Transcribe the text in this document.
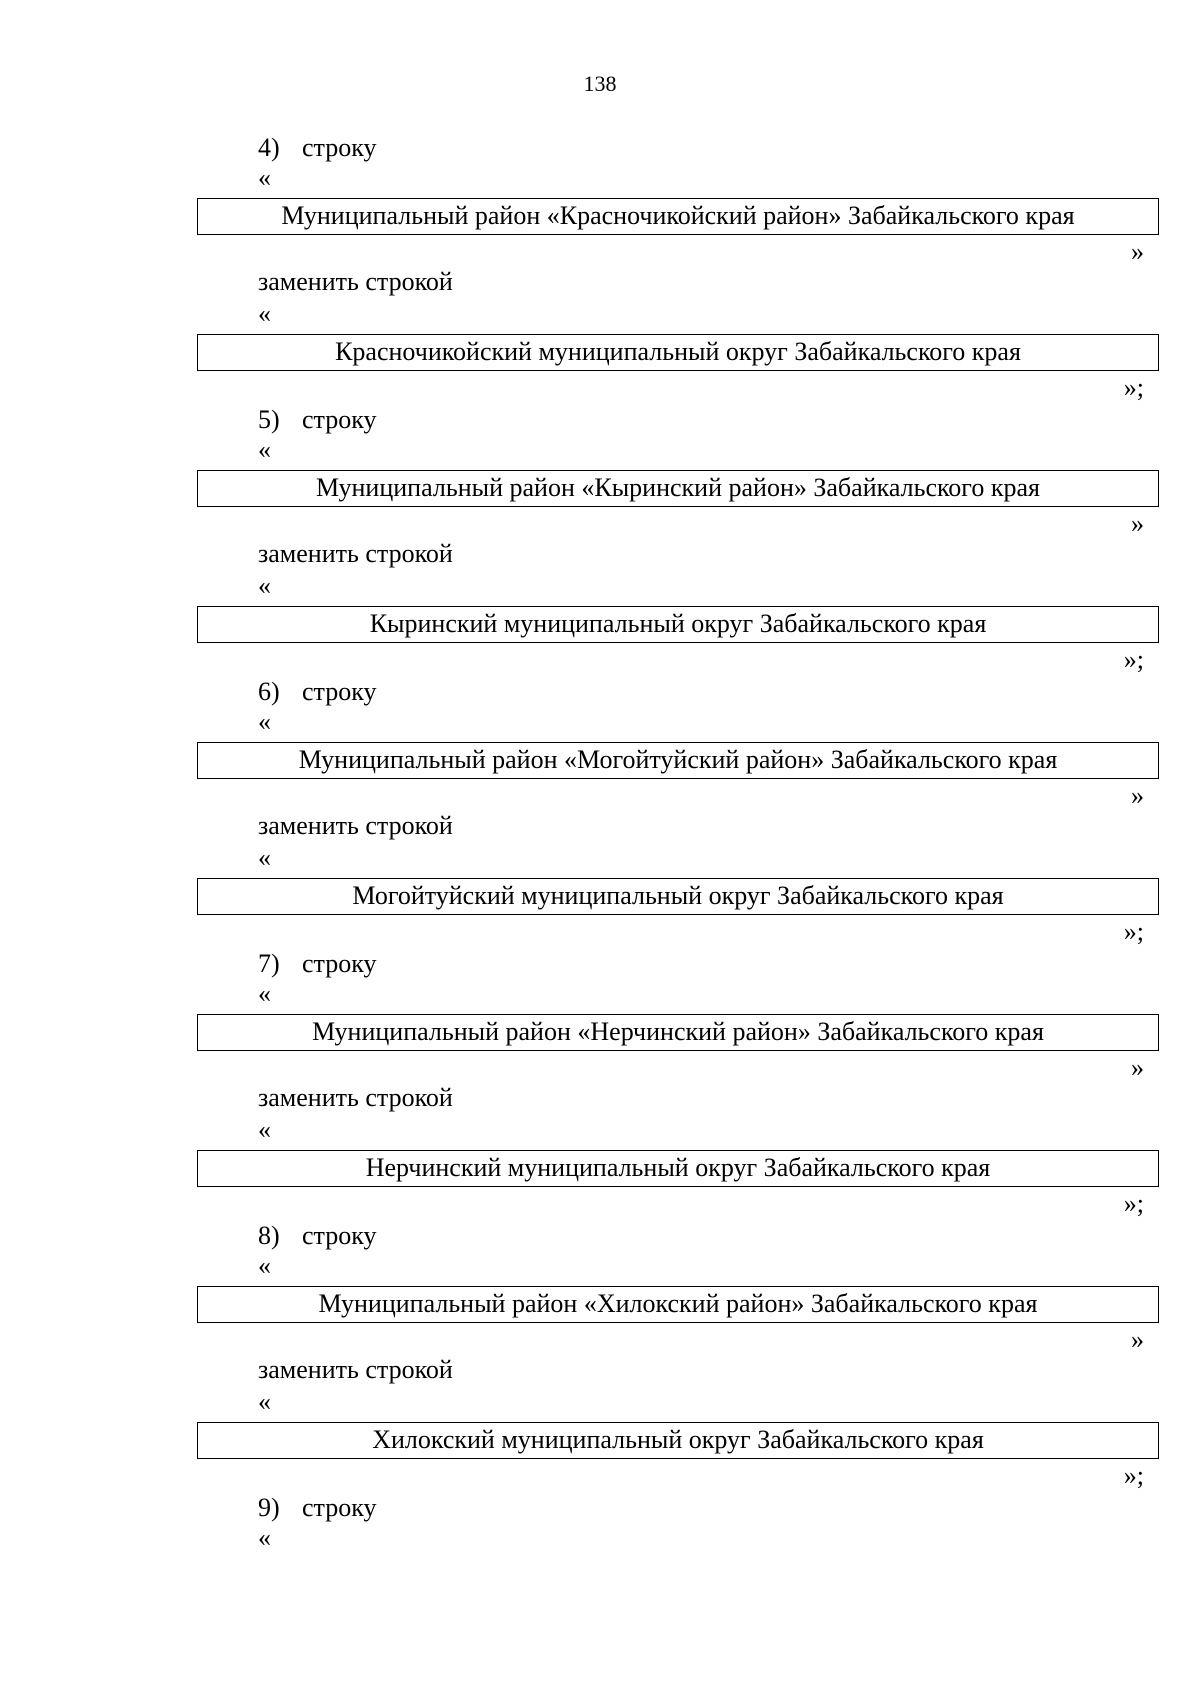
138
4) строку
«
Муниципальный район «Красночикойский район» Забайкальского края
»
заменить строкой
«
Красночикойский муниципальный округ Забайкальского края
»;
5) строку
«
Муниципальный район «Кыринский район» Забайкальского края
»
заменить строкой
«
Кыринский муниципальный округ Забайкальского края
»;
6) строку
«
Муниципальный район «Могойтуйский район» Забайкальского края
»
заменить строкой
«
Могойтуйский муниципальный округ Забайкальского края
»;
7) строку
«
Муниципальный район «Нерчинский район» Забайкальского края
»
заменить строкой
«
Нерчинский муниципальный округ Забайкальского края
»;
8) строку
«
Муниципальный район «Хилокский район» Забайкальского края
»
заменить строкой
«
Хилокский муниципальный округ Забайкальского края
»;
9) строку
«
